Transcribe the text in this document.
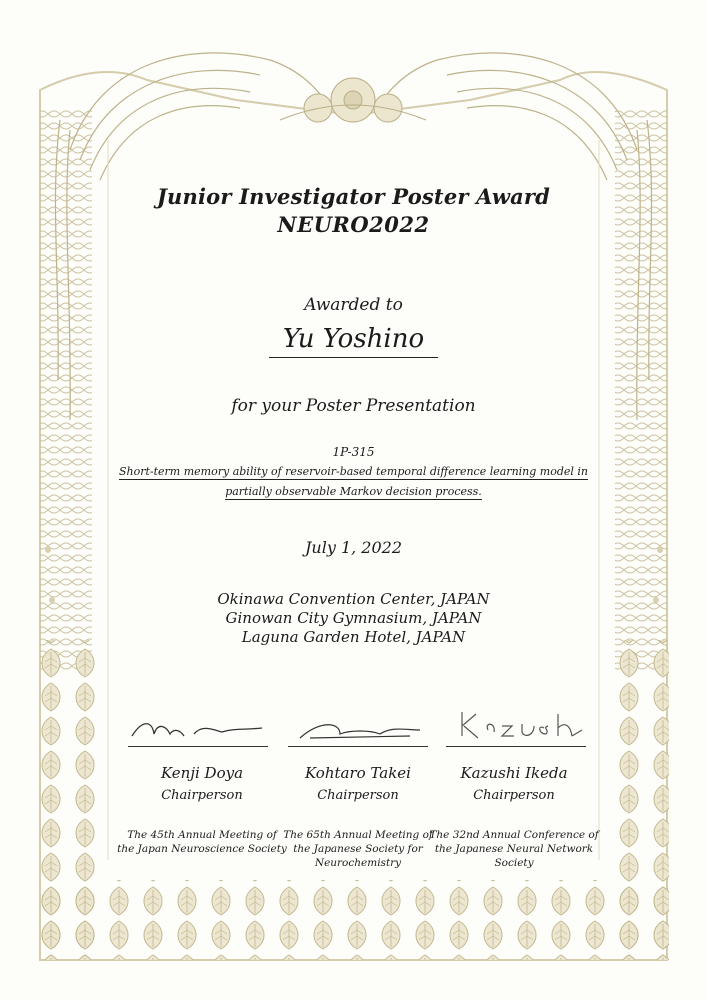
Junior Investigator Poster Award
NEURO2022
Awarded to
Yu Yoshino
for your Poster Presentation
1P-315
Short-term memory ability of reservoir-based temporal difference learning model in
partially observable Markov decision process.
July 1, 2022
Okinawa Convention Center, JAPAN
Ginowan City Gymnasium, JAPAN
Laguna Garden Hotel, JAPAN
Kenji Doya
Chairperson
The 45th Annual Meeting of
the Japan Neuroscience Society
Kohtaro Takei
Chairperson
The 65th Annual Meeting of
the Japanese Society for
Neurochemistry
Kazushi Ikeda
Chairperson
The 32nd Annual Conference of
the Japanese Neural Network
Society
